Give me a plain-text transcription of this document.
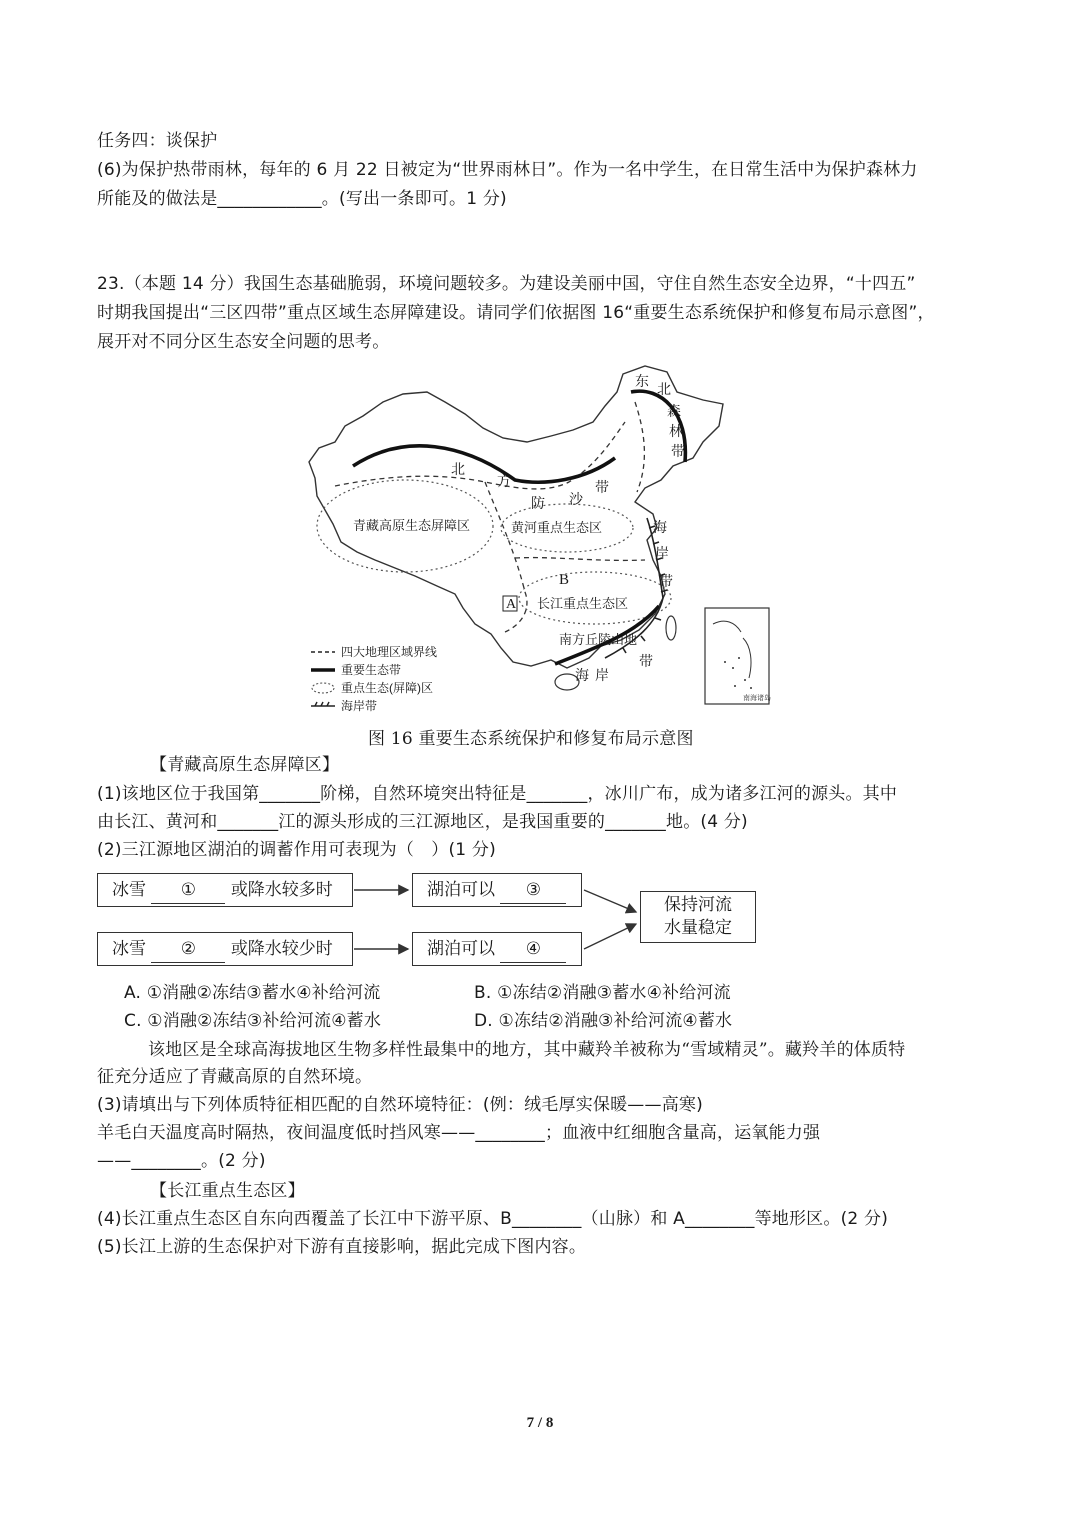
任务四：谈保护
(6)为保护热带雨林，每年的 6 月 22 日被定为“世界雨林日”。作为一名中学生，在日常生活中为保护森林力
所能及的做法是____________。(写出一条即可。1 分)
23.（本题 14 分）我国生态基础脆弱，环境问题较多。为建设美丽中国，守住自然生态安全边界，“十四五”
时期我国提出“三区四带”重点区域生态屏障建设。请同学们依据图 16“重要生态系统保护和修复布局示意图”，
展开对不同分区生态安全问题的思考。
东
北
森
林
带
北
方
防 沙
带
青藏高原生态屏障区	黄河重点生态区
长江重点生态区
南方丘陵山地
带
海
岸
带
海 岸
B
A
南海诸岛
四大地理区域界线
重要生态带
重点生态(屏障)区
海岸带
图 16 重要生态系统保护和修复布局示意图
【青藏高原生态屏障区】
(1)该地区位于我国第_______阶梯，自然环境突出特征是_______，冰川广布，成为诸多江河的源头。其中
由长江、黄河和_______江的源头形成的三江源地区，是我国重要的_______地。(4 分)
(2)三江源地区湖泊的调蓄作用可表现为（　）(1 分)
冰雪 ① 或降水较多时	湖泊可以 ③
冰雪 ② 或降水较少时	湖泊可以 ④
保持河流
水量稳定
A. ①消融②冻结③蓄水④补给河流	B. ①冻结②消融③蓄水④补给河流
C. ①消融②冻结③补给河流④蓄水	D. ①冻结②消融③补给河流④蓄水
该地区是全球高海拔地区生物多样性最集中的地方，其中藏羚羊被称为“雪域精灵”。藏羚羊的体质特
征充分适应了青藏高原的自然环境。
(3)请填出与下列体质特征相匹配的自然环境特征：(例：绒毛厚实保暖——高寒)
羊毛白天温度高时隔热，夜间温度低时挡风寒——________；血液中红细胞含量高，运氧能力强
——________。(2 分)
【长江重点生态区】
(4)长江重点生态区自东向西覆盖了长江中下游平原、B________（山脉）和 A________等地形区。(2 分)
(5)长江上游的生态保护对下游有直接影响，据此完成下图内容。
7 / 8
